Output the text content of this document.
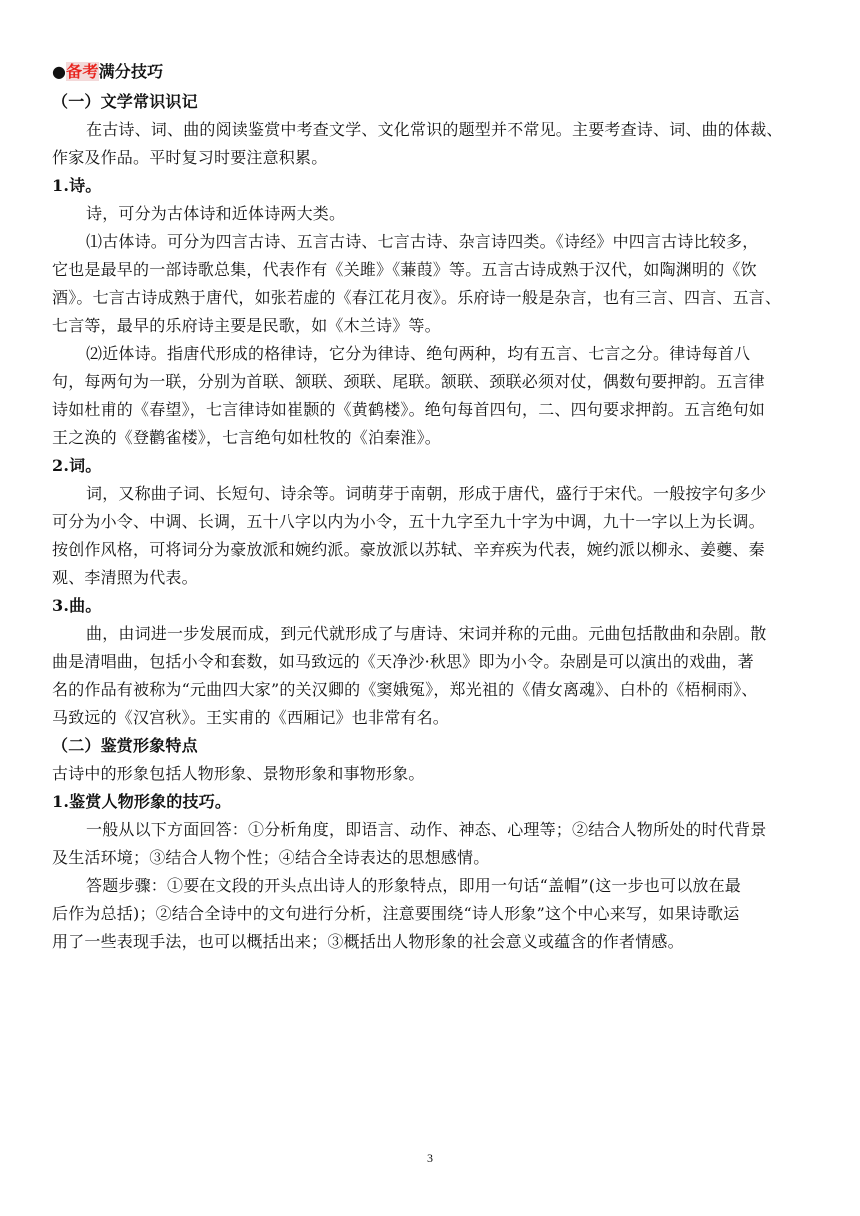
●备考满分技巧
（一）文学常识识记
在古诗、词、曲的阅读鉴赏中考查文学、文化常识的题型并不常见。主要考查诗、词、曲的体裁、
作家及作品。平时复习时要注意积累。
1.诗。
诗，可分为古体诗和近体诗两大类。
⑴古体诗。可分为四言古诗、五言古诗、七言古诗、杂言诗四类。《诗经》中四言古诗比较多，
它也是最早的一部诗歌总集，代表作有《关雎》《蒹葭》等。五言古诗成熟于汉代，如陶渊明的《饮
酒》。七言古诗成熟于唐代，如张若虚的《春江花月夜》。乐府诗一般是杂言，也有三言、四言、五言、
七言等，最早的乐府诗主要是民歌，如《木兰诗》等。
⑵近体诗。指唐代形成的格律诗，它分为律诗、绝句两种，均有五言、七言之分。律诗每首八
句，每两句为一联，分别为首联、颔联、颈联、尾联。颔联、颈联必须对仗，偶数句要押韵。五言律
诗如杜甫的《春望》，七言律诗如崔颢的《黄鹤楼》。绝句每首四句，二、四句要求押韵。五言绝句如
王之涣的《登鹳雀楼》，七言绝句如杜牧的《泊秦淮》。
2.词。
词，又称曲子词、长短句、诗余等。词萌芽于南朝，形成于唐代，盛行于宋代。一般按字句多少
可分为小令、中调、长调，五十八字以内为小令，五十九字至九十字为中调，九十一字以上为长调。
按创作风格，可将词分为豪放派和婉约派。豪放派以苏轼、辛弃疾为代表，婉约派以柳永、姜夔、秦
观、李清照为代表。
3.曲。
曲，由词进一步发展而成，到元代就形成了与唐诗、宋词并称的元曲。元曲包括散曲和杂剧。散
曲是清唱曲，包括小令和套数，如马致远的《天净沙·秋思》即为小令。杂剧是可以演出的戏曲，著
名的作品有被称为“元曲四大家”的关汉卿的《窦娥冤》，郑光祖的《倩女离魂》、白朴的《梧桐雨》、
马致远的《汉宫秋》。王实甫的《西厢记》也非常有名。
（二）鉴赏形象特点
古诗中的形象包括人物形象、景物形象和事物形象。
1.鉴赏人物形象的技巧。
一般从以下方面回答：①分析角度，即语言、动作、神态、心理等；②结合人物所处的时代背景
及生活环境；③结合人物个性；④结合全诗表达的思想感情。
答题步骤：①要在文段的开头点出诗人的形象特点，即用一句话“盖帽”(这一步也可以放在最
后作为总括)；②结合全诗中的文句进行分析，注意要围绕“诗人形象”这个中心来写，如果诗歌运
用了一些表现手法，也可以概括出来；③概括出人物形象的社会意义或蕴含的作者情感。
3
